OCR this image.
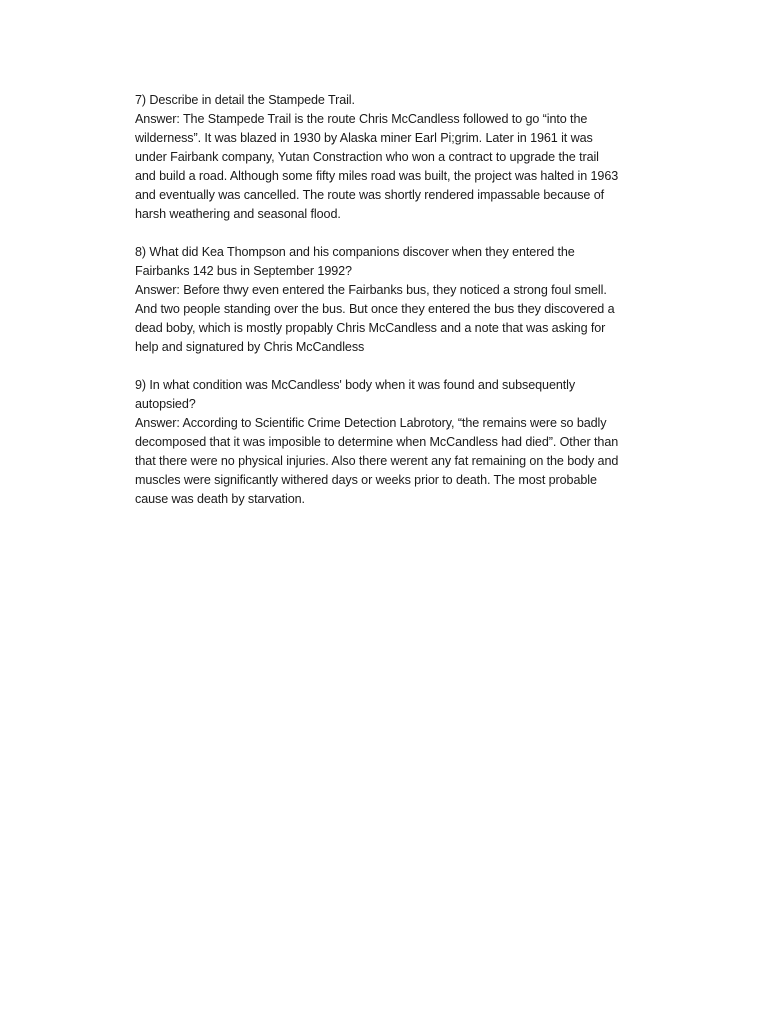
7) Describe in detail the Stampede Trail.
Answer: The Stampede Trail is the route Chris McCandless followed to go “into the
wilderness”. It was blazed in 1930 by Alaska miner Earl Pi;grim. Later in 1961 it was
under Fairbank company, Yutan Constraction who won a contract to upgrade the trail
and build a road. Although some fifty miles road was built, the project was halted in 1963
and eventually was cancelled. The route was shortly rendered impassable because of
harsh weathering and seasonal flood.
8) What did Kea Thompson and his companions discover when they entered the
Fairbanks 142 bus in September 1992?
Answer: Before thwy even entered the Fairbanks bus, they noticed a strong foul smell.
And two people standing over the bus. But once they entered the bus they discovered a
dead boby, which is mostly propably Chris McCandless and a note that was asking for
help and signatured by Chris McCandless
9) In what condition was McCandless' body when it was found and subsequently
autopsied?
Answer: According to Scientific Crime Detection Labrotory, “the remains were so badly
decomposed that it was imposible to determine when McCandless had died”. Other than
that there were no physical injuries. Also there werent any fat remaining on the body and
muscles were significantly withered days or weeks prior to death. The most probable
cause was death by starvation.
